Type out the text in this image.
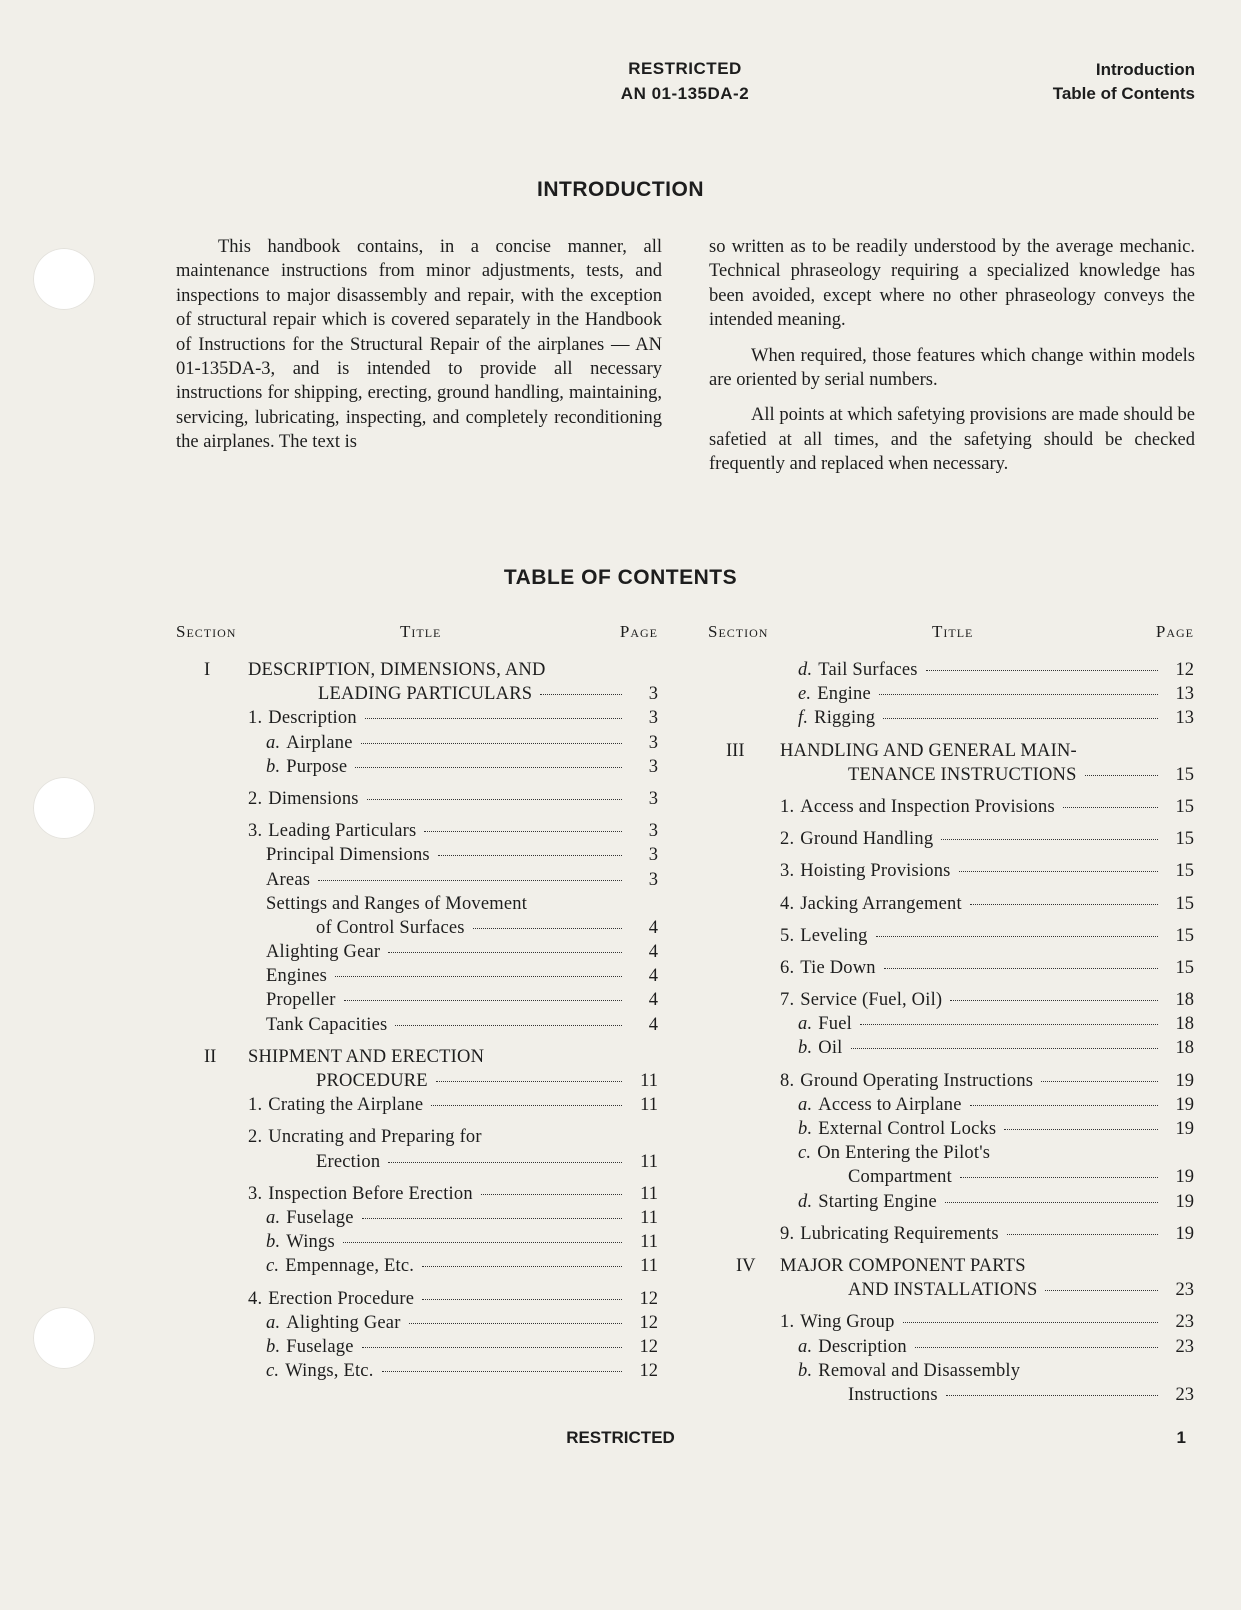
RESTRICTED
AN 01-135DA-2
Introduction
Table of Contents
INTRODUCTION

This handbook contains, in a concise manner, all maintenance instructions from minor adjustments, tests, and inspections to major disassembly and repair, with the exception of structural repair which is covered separately in the Handbook of Instructions for the Structural Repair of the airplanes — AN 01-135DA-3, and is intended to provide all necessary instructions for shipping, erecting, ground handling, maintaining, servicing, lubricating, inspecting, and completely reconditioning the airplanes. The text is

so written as to be readily understood by the average mechanic. Technical phraseology requiring a specialized knowledge has been avoided, except where no other phraseology conveys the intended meaning.

When required, those features which change within models are oriented by serial numbers.

All points at which safetying provisions are made should be safetied at all times, and the safetying should be checked frequently and replaced when necessary.

TABLE OF CONTENTS
Section	Title	Page
I DESCRIPTION, DIMENSIONS, AND
LEADING PARTICULARS	3
1. Description	3
a. Airplane	3
b. Purpose	3
2. Dimensions	3
3. Leading Particulars	3
Principal Dimensions	3
Areas	3
Settings and Ranges of Movement
of Control Surfaces	4
Alighting Gear	4
Engines	4
Propeller	4
Tank Capacities	4
II SHIPMENT AND ERECTION
PROCEDURE	11
1. Crating the Airplane	11
2. Uncrating and Preparing for
Erection	11
3. Inspection Before Erection	11
a. Fuselage	11
b. Wings	11
c. Empennage, Etc.	11
4. Erection Procedure	12
a. Alighting Gear	12
b. Fuselage	12
c. Wings, Etc.	12
Section	Title	Page
d. Tail Surfaces	12
e. Engine	13
f. Rigging	13
III HANDLING AND GENERAL MAIN-
TENANCE INSTRUCTIONS	15
1. Access and Inspection Provisions	15
2. Ground Handling	15
3. Hoisting Provisions	15
4. Jacking Arrangement	15
5. Leveling	15
6. Tie Down	15
7. Service (Fuel, Oil)	18
a. Fuel	18
b. Oil	18
8. Ground Operating Instructions	19
a. Access to Airplane	19
b. External Control Locks	19
c. On Entering the Pilot's
Compartment	19
d. Starting Engine	19
9. Lubricating Requirements	19
IV MAJOR COMPONENT PARTS
AND INSTALLATIONS	23
1. Wing Group	23
a. Description	23
b. Removal and Disassembly
Instructions	23
RESTRICTED	1
